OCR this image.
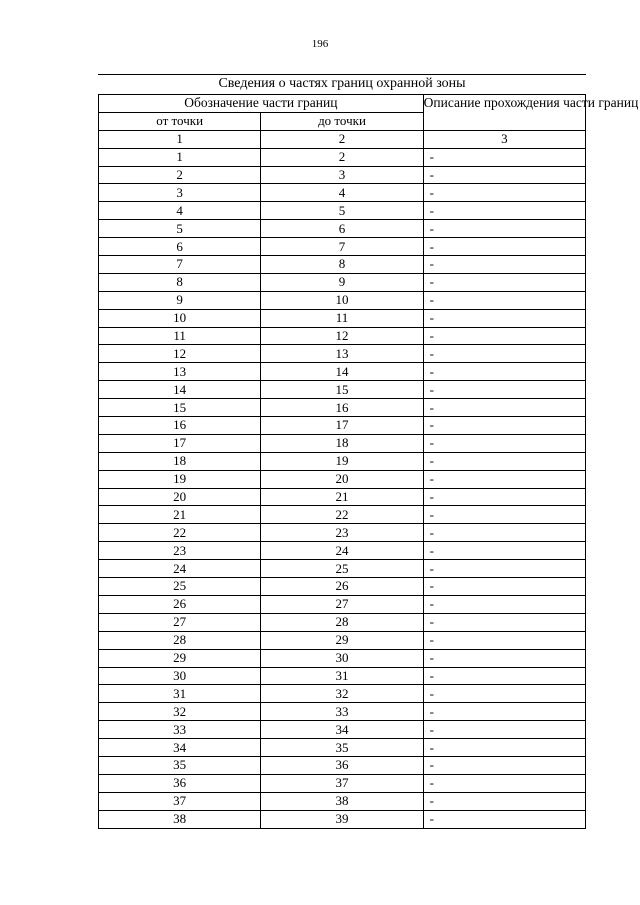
196
Сведения о частях границ охранной зоны
Обозначение части границ		Описание прохождения части границ
от точки	до точки	
1	2	3
1	2	-
2	3	-
3	4	-
4	5	-
5	6	-
6	7	-
7	8	-
8	9	-
9	10	-
10	11	-
11	12	-
12	13	-
13	14	-
14	15	-
15	16	-
16	17	-
17	18	-
18	19	-
19	20	-
20	21	-
21	22	-
22	23	-
23	24	-
24	25	-
25	26	-
26	27	-
27	28	-
28	29	-
29	30	-
30	31	-
31	32	-
32	33	-
33	34	-
34	35	-
35	36	-
36	37	-
37	38	-
38	39	-
